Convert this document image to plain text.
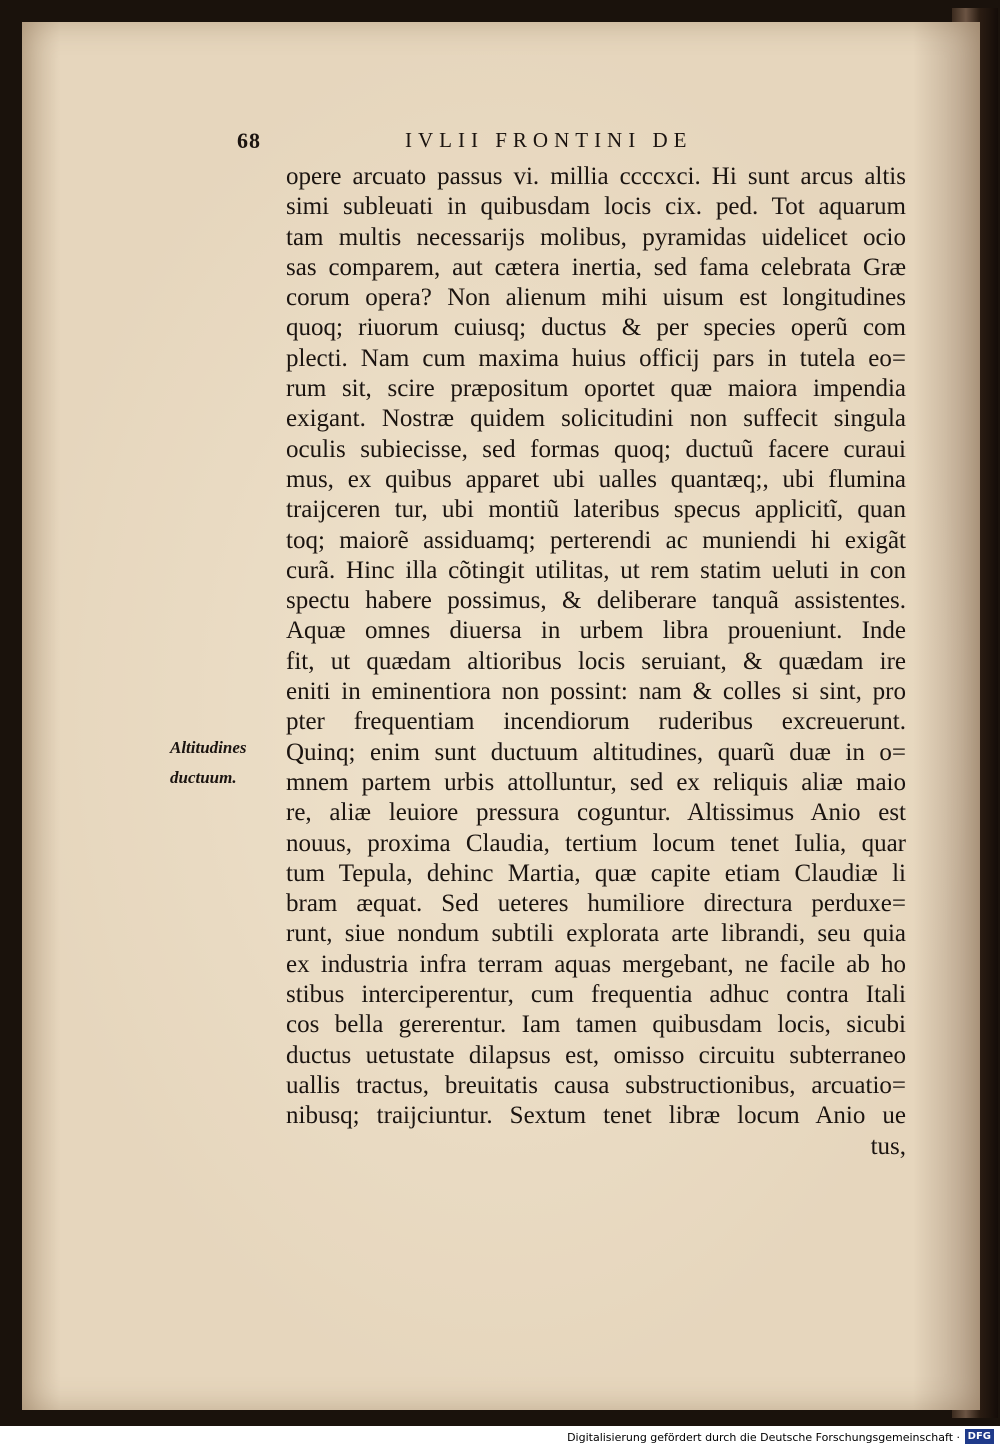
68	IVLII FRONTINI DE
opere arcuato passus vi. millia ccccxci. Hi sunt arcus altis
simi subleuati in quibusdam locis cix. ped. Tot aquarum
tam multis necessarijs molibus, pyramidas uidelicet ocio
sas comparem, aut cætera inertia, sed fama celebrata Græ
corum opera? Non alienum mihi uisum est longitudines
quoq; riuorum cuiusq; ductus & per species operũ com
plecti. Nam cum maxima huius officij pars in tutela eo=
rum sit, scire præpositum oportet quæ maiora impendia
exigant. Nostræ quidem solicitudini non suffecit singula
oculis subiecisse, sed formas quoq; ductuũ facere curaui
mus, ex quibus apparet ubi ualles quantæq;, ubi flumina
traijceren tur, ubi montiũ lateribus specus applicitĩ, quan
toq; maiorẽ assiduamq; perterendi ac muniendi hi exigãt
curã. Hinc illa cõtingit utilitas, ut rem statim ueluti in con
spectu habere possimus, & deliberare tanquã assistentes.
Aquæ omnes diuersa in urbem libra proueniunt. Inde
fit, ut quædam altioribus locis seruiant, & quædam ire
eniti in eminentiora non possint: nam & colles si sint, pro
pter frequentiam incendiorum ruderibus excreuerunt.
Quinq; enim sunt ductuum altitudines, quarũ duæ in o=
mnem partem urbis attolluntur, sed ex reliquis aliæ maio
re, aliæ leuiore pressura coguntur. Altissimus Anio est
nouus, proxima Claudia, tertium locum tenet Iulia, quar
tum Tepula, dehinc Martia, quæ capite etiam Claudiæ li
bram æquat. Sed ueteres humiliore directura perduxe=
runt, siue nondum subtili explorata arte librandi, seu quia
ex industria infra terram aquas mergebant, ne facile ab ho
stibus interciperentur, cum frequentia adhuc contra Itali
cos bella gererentur. Iam tamen quibusdam locis, sicubi
ductus uetustate dilapsus est, omisso circuitu subterraneo
uallis tractus, breuitatis causa substructionibus, arcuatio=
nibusq; traijciuntur. Sextum tenet libræ locum Anio ue
tus,
Altitudines
ductuum.
Digitalisierung gefördert durch die Deutsche Forschungsgemeinschaft · DFG
